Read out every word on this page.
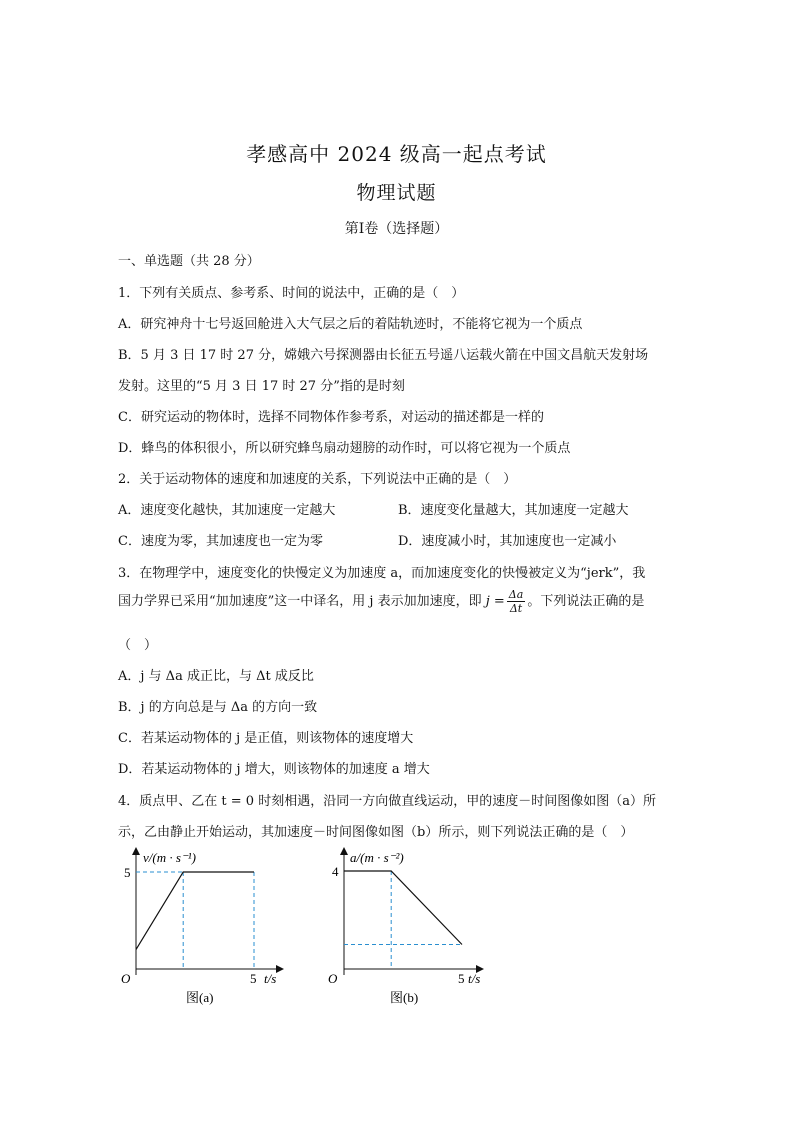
孝感高中 2024 级高一起点考试
物理试题
第Ⅰ卷（选择题）
一、单选题（共 28 分）
1．下列有关质点、参考系、时间的说法中，正确的是（　）
A．研究神舟十七号返回舱进入大气层之后的着陆轨迹时，不能将它视为一个质点
B．5 月 3 日 17 时 27 分，嫦娥六号探测器由长征五号遥八运载火箭在中国文昌航天发射场
发射。这里的“5 月 3 日 17 时 27 分”指的是时刻
C．研究运动的物体时，选择不同物体作参考系，对运动的描述都是一样的
D．蜂鸟的体积很小，所以研究蜂鸟扇动翅膀的动作时，可以将它视为一个质点
2．关于运动物体的速度和加速度的关系，下列说法中正确的是（　）
A．速度变化越快，其加速度一定越大	B．速度变化量越大，其加速度一定越大
C．速度为零，其加速度也一定为零	D．速度减小时，其加速度也一定减小
3．在物理学中，速度变化的快慢定义为加速度 a，而加速度变化的快慢被定义为“jerk”，我
国力学界已采用“加加速度”这一中译名，用 j 表示加加速度，即 $j = \frac{\Delta a}{\Delta t}$ 。下列说法正确的是
（　）
A．j 与 Δa 成正比，与 Δt 成反比
B．j 的方向总是与 Δa 的方向一致
C．若某运动物体的 j 是正值，则该物体的速度增大
D．若某运动物体的 j 增大，则该物体的加速度 a 增大
4．质点甲、乙在 t = 0 时刻相遇，沿同一方向做直线运动，甲的速度－时间图像如图（a）所
示，乙由静止开始运动，其加速度－时间图像如图（b）所示，则下列说法正确的是（　）
v/(m · s⁻¹)
5
O	5 t/s
图(a)
a/(m · s⁻²)
4
O	5 t/s
图(b)
